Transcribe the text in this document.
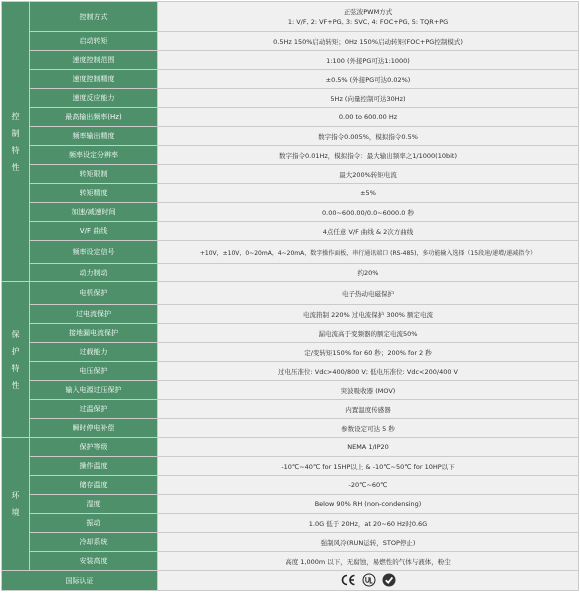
控制特性	控制方式	正弦波PWM方式
1: V/F, 2: VF+PG, 3: SVC, 4: FOC+PG, 5: TQR+PG

	启动转矩	0.5Hz 150%启动转矩；0Hz 150%启动转矩(FOC+PG控制模式)
	速度控制范围	1:100 (外接PG可达1:1000)
	速度控制精度	±0.5% (外接PG可达0.02%)
	速度反应能力	5Hz (向量控制可达30Hz)
	最高输出频率(Hz)	0.00 to 600.00 Hz
	频率输出精度	数字指令0.005%，模拟指令0.5%
	频率设定分辨率	数字指令0.01Hz，模拟指令：最大输出频率之1/1000(10bit)
	转矩限制	最大200%转矩电流
	转矩精度	±5%
	加速/减速时间	0.00~600.00/0.0~6000.0 秒
	V/F 曲线	4点任意 V/F 曲线 & 2次方曲线
	频率设定信号	+10V，±10V，0~20mA，4~20mA，数字操作面板，串行通讯端口 (RS-485)，多功能输入选择（15段速/递增/递减指令）
	动力制动	约20%
保护特性	电机保护	电子热动电磁保护
	过电流保护	电流箝制 220% 过电流保护 300% 额定电流
	接地漏电流保护	漏电流高于变频器的额定电流50%
	过载能力	定/变转矩150% for 60 秒；200% for 2 秒
	电压保护	过电压准位: Vdc>400/800 V; 低电压准位: Vdc<200/400 V
	输入电源过压保护	突波吸收器 (MOV)
	过温保护	内置温度传感器
	瞬时停电补偿	参数设定可达 5 秒
环境	保护等级	NEMA 1/IP20
	操作温度	-10℃~40℃ for 15HP以上 & -10℃~50℃ for 10HP以下
	储存温度	-20℃~60℃
	湿度	Below 90% RH (non-condensing)
	振动	1.0G 低于 20Hz，at 20~60 Hz时0.6G
	冷却系统	强制风冷(RUN运转，STOP停止)
	安装高度	高度 1,000m 以下，无腐蚀，易燃性的气体与液体，粉尘
国际认证	
